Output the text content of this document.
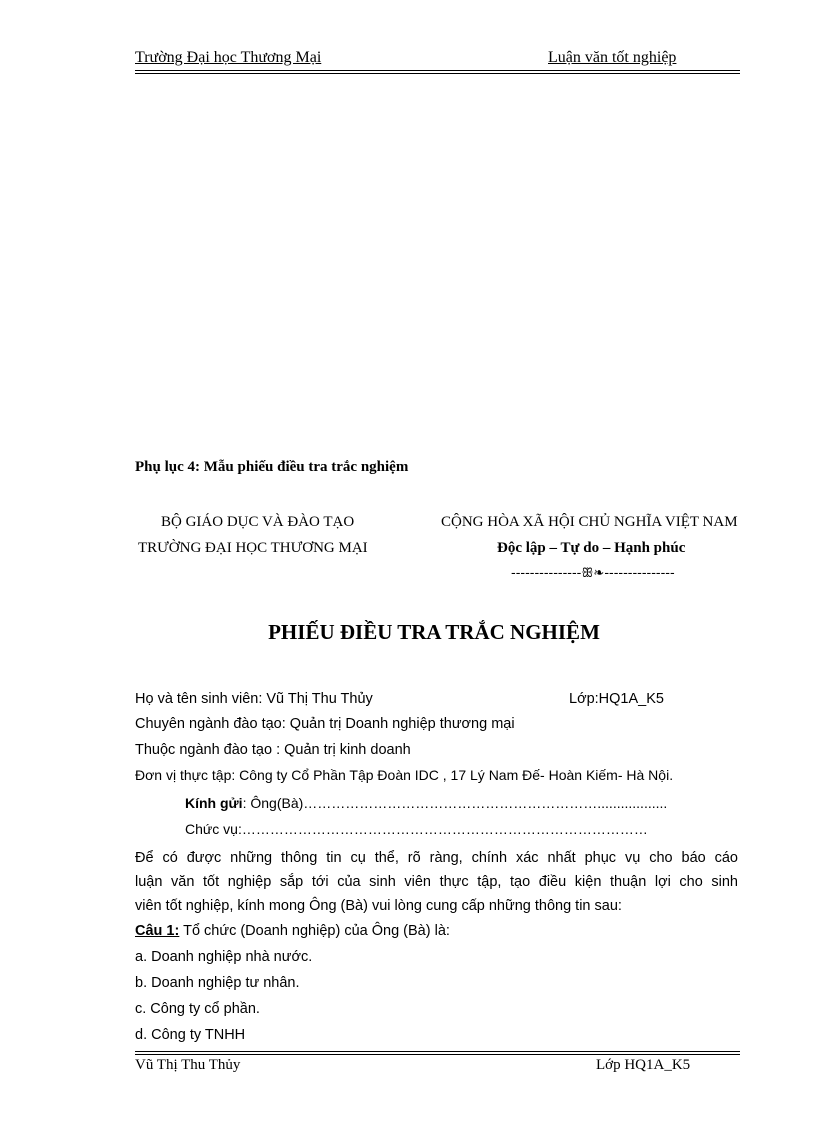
Trường Đại học Thương Mại	Luận văn tốt nghiệp
Phụ lục 4: Mẫu phiếu điều tra trắc nghiệm
BỘ GIÁO DỤC VÀ ĐÀO TẠO
TRƯỜNG ĐẠI HỌC THƯƠNG MẠI
CỘNG HÒA XÃ HỘI CHỦ NGHĨA VIỆT NAM
Độc lập – Tự do – Hạnh phúc
---------------ꕥ❧---------------
PHIẾU ĐIỀU TRA TRẮC NGHIỆM
Họ và tên sinh viên: Vũ Thị Thu Thủy	Lớp:HQ1A_K5
Chuyên ngành đào tạo: Quản trị Doanh nghiệp thương mại
Thuộc ngành đào tạo : Quản trị kinh doanh
Đơn vị thực tập: Công ty Cổ Phần Tập Đoàn IDC , 17 Lý Nam Đế- Hoàn Kiếm- Hà Nội.
Kính gửi: Ông(Bà)………………………………………………………..................
Chức vụ:……………………………………………………………………………
Để có được những thông tin cụ thể, rõ ràng, chính xác nhất phục vụ cho báo cáo
luận văn tốt nghiệp sắp tới của sinh viên thực tập, tạo điều kiện thuận lợi cho sinh
viên tốt nghiệp, kính mong Ông (Bà) vui lòng cung cấp những thông tin sau:
Câu 1: Tổ chức (Doanh nghiệp) của Ông (Bà) là:
a. Doanh nghiệp nhà nước.
b. Doanh nghiệp tư nhân.
c. Công ty cổ phần.
d. Công ty TNHH
Vũ Thị Thu Thủy	Lớp HQ1A_K5
